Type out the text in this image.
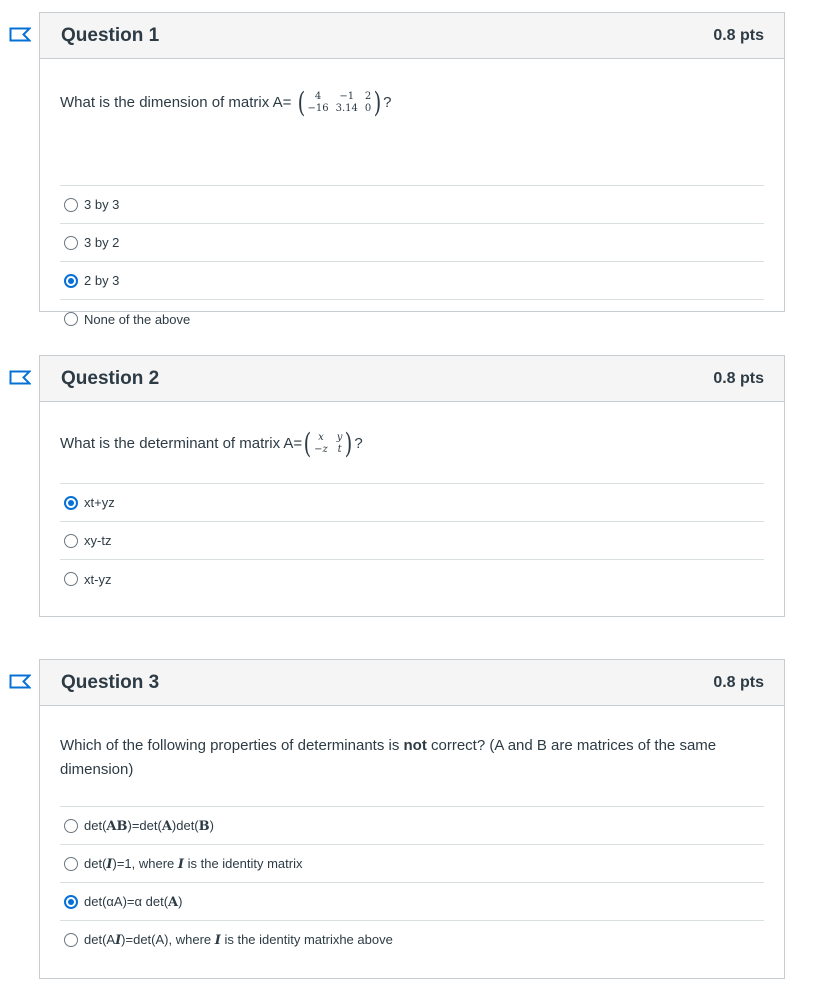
Question 1	0.8 pts
What is the dimension of matrix A= (	4	−1	2
−16 3.14 0 ) ?
3 by 3
3 by 2
2 by 3
None of the above
Question 2	0.8 pts
What is the determinant of matrix A= ( x	y
−z t ) ?
xt+yz
xy-tz
xt-yz
Question 3	0.8 pts
Which of the following properties of determinants is not correct? (A and B are matrices of the same dimension)
det(AB)=det(A)det(B)
det(I)=1, where I is the identity matrix
det(αA)=α det(A)
det(AI)=det(A), where I is the identity matrixhe above
